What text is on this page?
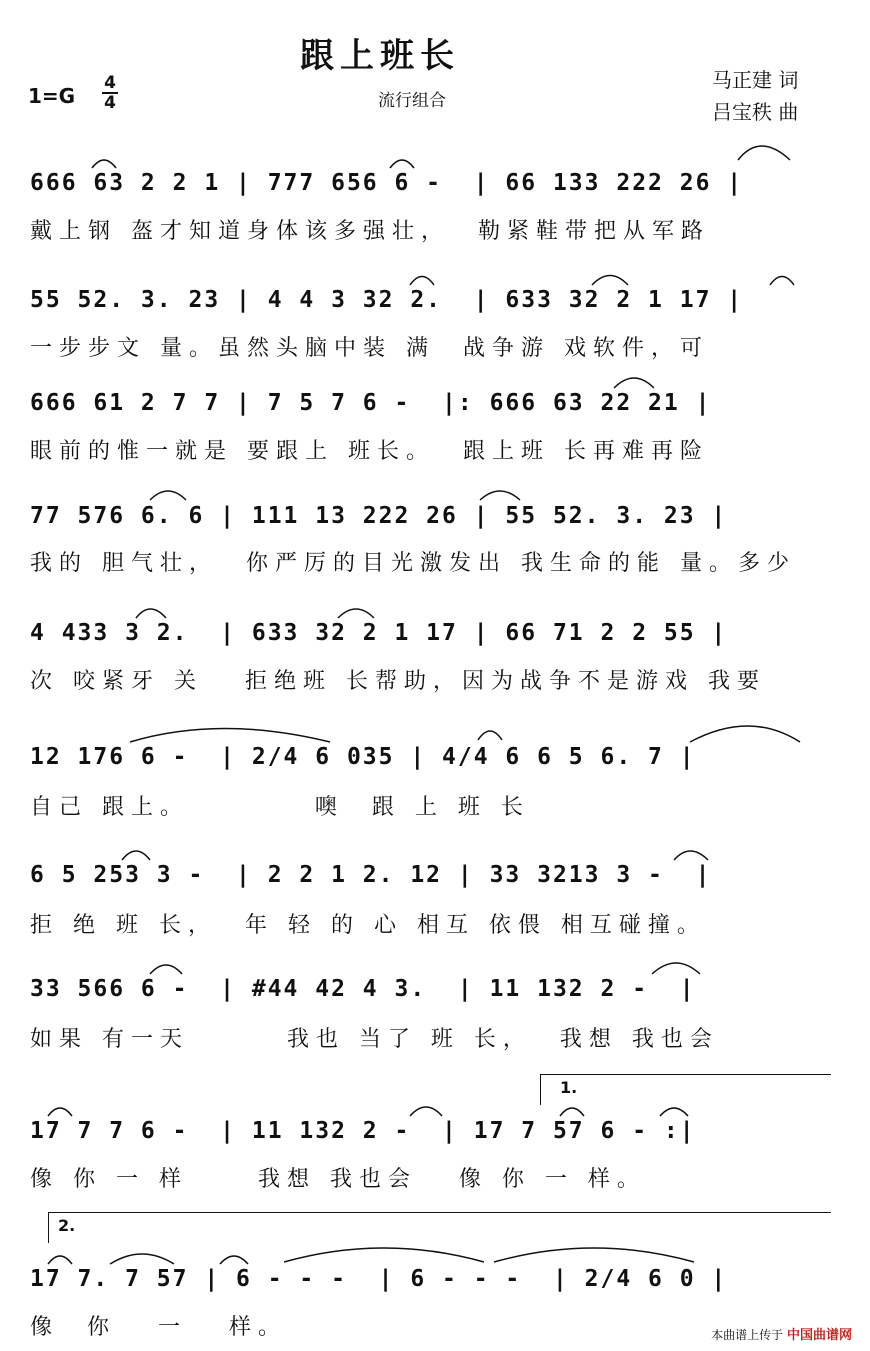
跟上班长
流行组合
马正建 词
吕宝秩 曲
1=G
4
4
666 63 2 2 1 | 777 656 6 -  | 66 133 222 26 |
戴上钢 盔才知道身体该多强壮，  勒紧鞋带把从军路
55 52. 3. 23 | 4 4 3 32 2.  | 633 32 2 1 17 |
一步步文 量。虽然头脑中装 满  战争游 戏软件，可
666 61 2 7 7 | 7 5 7 6 -  |: 666 63 22 21 |
眼前的惟一就是 要跟上 班长。  跟上班 长再难再险
77 576 6. 6 | 111 13 222 26 | 55 52. 3. 23 |
我的 胆气壮，  你严厉的目光激发出 我生命的能 量。多少
4 433 3 2.  | 633 32 2 1 17 | 66 71 2 2 55 |
次 咬紧牙 关   拒绝班 长帮助，因为战争不是游戏 我要
12 176 6 -  | 2/4 6 035 | 4/4 6 6 5 6. 7 |
自己 跟上。         噢  跟 上 班 长
6 5 253 3 -  | 2 2 1 2. 12 | 33 3213 3 -  |
拒 绝 班 长，  年 轻 的 心 相互 依偎 相互碰撞。
33 566 6 -  | #44 42 4 3.  | 11 132 2 -  |
如果 有一天       我也 当了 班 长，  我想 我也会
1.
17 7 7 6 -  | 11 132 2 -  | 17 7 57 6 - :|
像 你 一 样     我想 我也会   像 你 一 样。
2.
17 7. 7 57 | 6 - - -  | 6 - - -  | 2/4 6 0 |
像  你   一   样。	本曲谱上传于 中国曲谱网
